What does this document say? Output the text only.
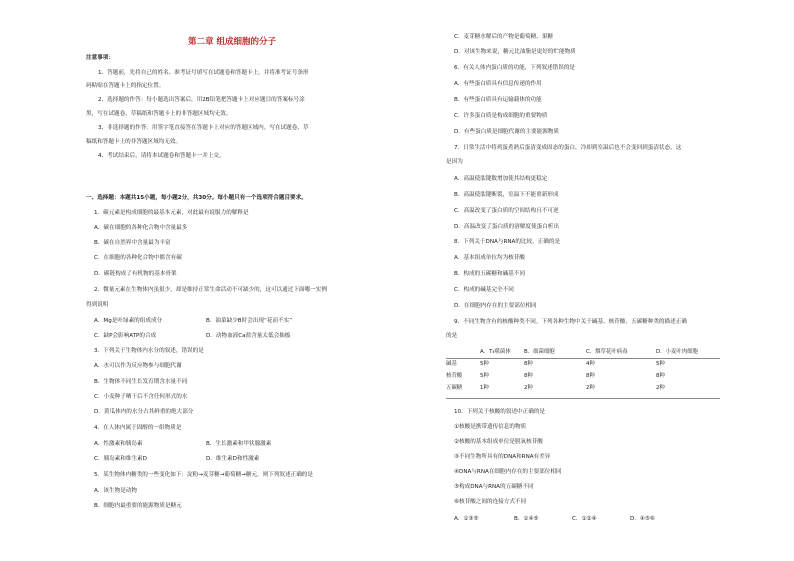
第二章 组成细胞的分子
注意事项：
1、答题前，先将自己的姓名、准考证号填写在试题卷和答题卡上，并将准考证号条形
码粘贴在答题卡上的指定位置。
2、选择题的作答：每小题选出答案后，用2B铅笔把答题卡上对应题目的答案标号涂
黑，写在试题卷、草稿纸和答题卡上的非答题区域均无效。
3、非选择题的作答：用签字笔直接答在答题卡上对应的答题区域内。写在试题卷、草
稿纸和答题卡上的非答题区域均无效。
4、考试结束后，请将本试题卷和答题卡一并上交。
一、选择题：本题共15小题，每小题2分，共30分。每小题只有一个选项符合题目要求。
1．碳元素是构成细胞的最基本元素，对此最有说服力的解释是
A．碳在细胞的各种化合物中含量最多
B．碳在自然界中含量最为丰富
C．在细胞的各种化合物中都含有碳
D．碳链构成了有机物的基本骨架
2．微量元素在生物体内虽很少，却是维持正常生命活动不可缺少的，这可以通过下面哪一实例
得到说明
A．Mg是叶绿素的组成成分	B．油菜缺少B时会出现“花而不实”
C．缺P会影响ATP的合成	D．动物血液Ca盐含量太低会抽搐
3．下列关于生物体内水分的叙述，错误的是
A．水可以作为反应物参与细胞代谢
B．生物体不同生长发育期含水量不同
C．小麦种子晒干后不含任何形式的水
D．黄瓜体内的水分占其鲜重的绝大部分
4．在人体内属于固醇的一组物质是
A．性激素和胰岛素	B．生长激素和甲状腺激素
C．胰岛素和维生素D	D．维生素D和性激素
5．某生物体内糖类的一些变化如下：淀粉→麦芽糖→葡萄糖→糖元，则下列叙述正确的是
A．该生物是动物
B．细胞内最重要的能源物质是糖元
C．麦芽糖水解后的产物是葡萄糖、果糖
D．对该生物来说，糖元比油脂是更好的贮能物质
6．有关人体内蛋白质的功能，下列叙述错误的是
A．有些蛋白质具有信息传递的作用
B．有些蛋白质具有运输载体的功能
C．许多蛋白质是构成细胞的重要物质
D．有些蛋白质是细胞代谢的主要能源物质
7．日常生活中将鸡蛋煮熟后蛋清变成固态的蛋白，冷却到室温后也不会变回到蛋清状态，这
是因为
A．高温使肽键数增加使其结构更稳定
B．高温使肽键断裂，室温下不能重新形成
C．高温改变了蛋白质的空间结构且不可逆
D．高温改变了蛋白质的溶解度使蛋白析出
8．下列关于DNA与RNA的比较，正确的是
A．基本组成单位均为核苷酸
B．构成的五碳糖和碱基不同
C．构成的碱基完全不同
D．在细胞内存在的主要部位相同
9．不同生物含有的核酸种类不同。下列各种生物中关于碱基、核苷酸、五碳糖种类的描述正确
的是
	A．T₄噬菌体	B．细菌细胞	C．烟草花叶病毒	D．小麦叶肉细胞
碱基	5种	8种	4种	5种
核苷酸	5种	8种	8种	8种
五碳糖	1种	2种	2种	2种
10．下列关于核酸的叙述中正确的是
①核酸是携带遗传信息的物质
②核酸的基本组成单位是脱氧核苷酸
③不同生物所具有的DNA和RNA有差异
④DNA与RNA在细胞内存在的主要部位相同
⑤构成DNA与RNA的五碳糖不同
⑥核苷酸之间的连接方式不同
A．①③⑤	B．①④⑤	C．①②④	D．④⑤⑥
